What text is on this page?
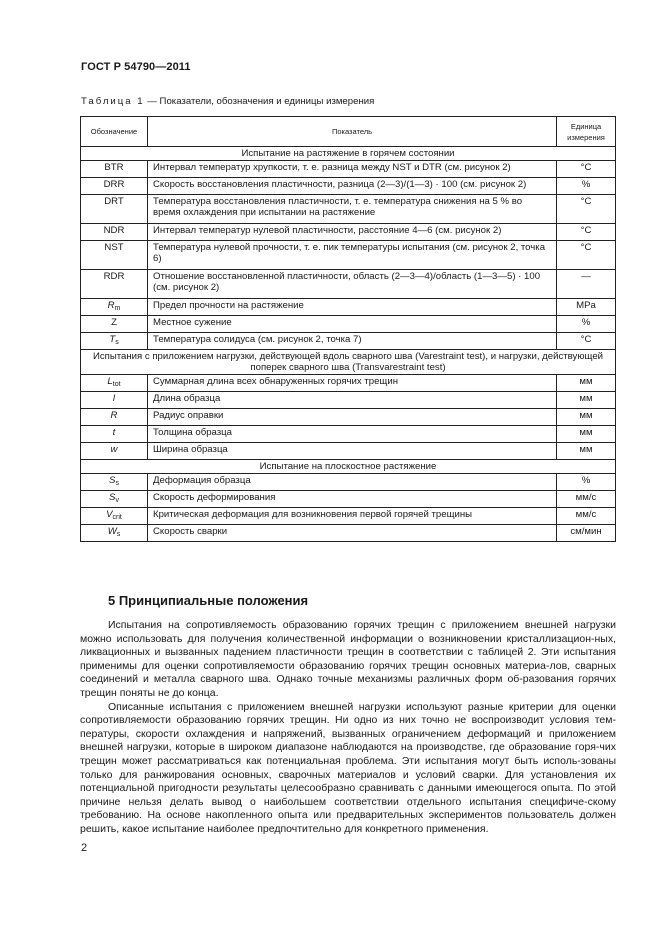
ГОСТ Р 54790—2011
Таблица 1 — Показатели, обозначения и единицы измерения
Обозначение	Показатель	Единица измерения
Испытание на растяжение в горячем состоянии		
BTR	Интервал температур хрупкости, т. е. разница между NST и DTR (см. рисунок 2)	°C
DRR	Скорость восстановления пластичности, разница (2—3)/(1—3) · 100 (см. рисунок 2)	%
DRT	Температура восстановления пластичности, т. е. температура снижения на 5 % во время охлаждения при испытании на растяжение	°C
NDR	Интервал температур нулевой пластичности, расстояние 4—6 (см. рисунок 2)	°C
NST	Температура нулевой прочности, т. е. пик температуры испытания (см. рисунок 2, точка 6)	°C
RDR	Отношение восстановленной пластичности, область (2—3—4)/область (1—3—5) · 100 (см. рисунок 2)	—
$R_m$	Предел прочности на растяжение	MPa
Z	Местное сужение	%
$T_s$	Температура солидуса (см. рисунок 2, точка 7)	°C
Испытания с приложением нагрузки, действующей вдоль сварного шва (Varestraint test), и нагрузки, действующей поперек сварного шва (Transvarestraint test)		
$L_{tot}$	Суммарная длина всех обнаруженных горячих трещин	мм
l	Длина образца	мм
R	Радиус оправки	мм
t	Толщина образца	мм
w	Ширина образца	мм
Испытание на плоскостное растяжение		
$S_s$	Деформация образца	%
$S_v$	Скорость деформирования	мм/с
$V_{crit}$	Критическая деформация для возникновения первой горячей трещины	мм/с
$W_s$	Скорость сварки	см/мин
5 Принципиальные положения

Испытания на сопротивляемость образованию горячих трещин с приложением внешней нагрузки можно использовать для получения количественной информации о возникновении кристаллизацион-ных, ликвационных и вызванных падением пластичности трещин в соответствии с таблицей 2. Эти испытания применимы для оценки сопротивляемости образованию горячих трещин основных материа-лов, сварных соединений и металла сварного шва. Однако точные механизмы различных форм об-разования горячих трещин поняты не до конца.

Описанные испытания с приложением внешней нагрузки используют разные критерии для оценки сопротивляемости образованию горячих трещин. Ни одно из них точно не воспроизводит условия тем-пературы, скорости охлаждения и напряжений, вызванных ограничением деформаций и приложением внешней нагрузки, которые в широком диапазоне наблюдаются на производстве, где образование горя-чих трещин может рассматриваться как потенциальная проблема. Эти испытания могут быть исполь-зованы только для ранжирования основных, сварочных материалов и условий сварки. Для установления их потенциальной пригодности результаты целесообразно сравнивать с данными имеющегося опыта. По этой причине нельзя делать вывод о наибольшем соответствии отдельного испытания специфиче-скому требованию. На основе накопленного опыта или предварительных экспериментов пользователь должен решить, какое испытание наиболее предпочтительно для конкретного применения.

2
